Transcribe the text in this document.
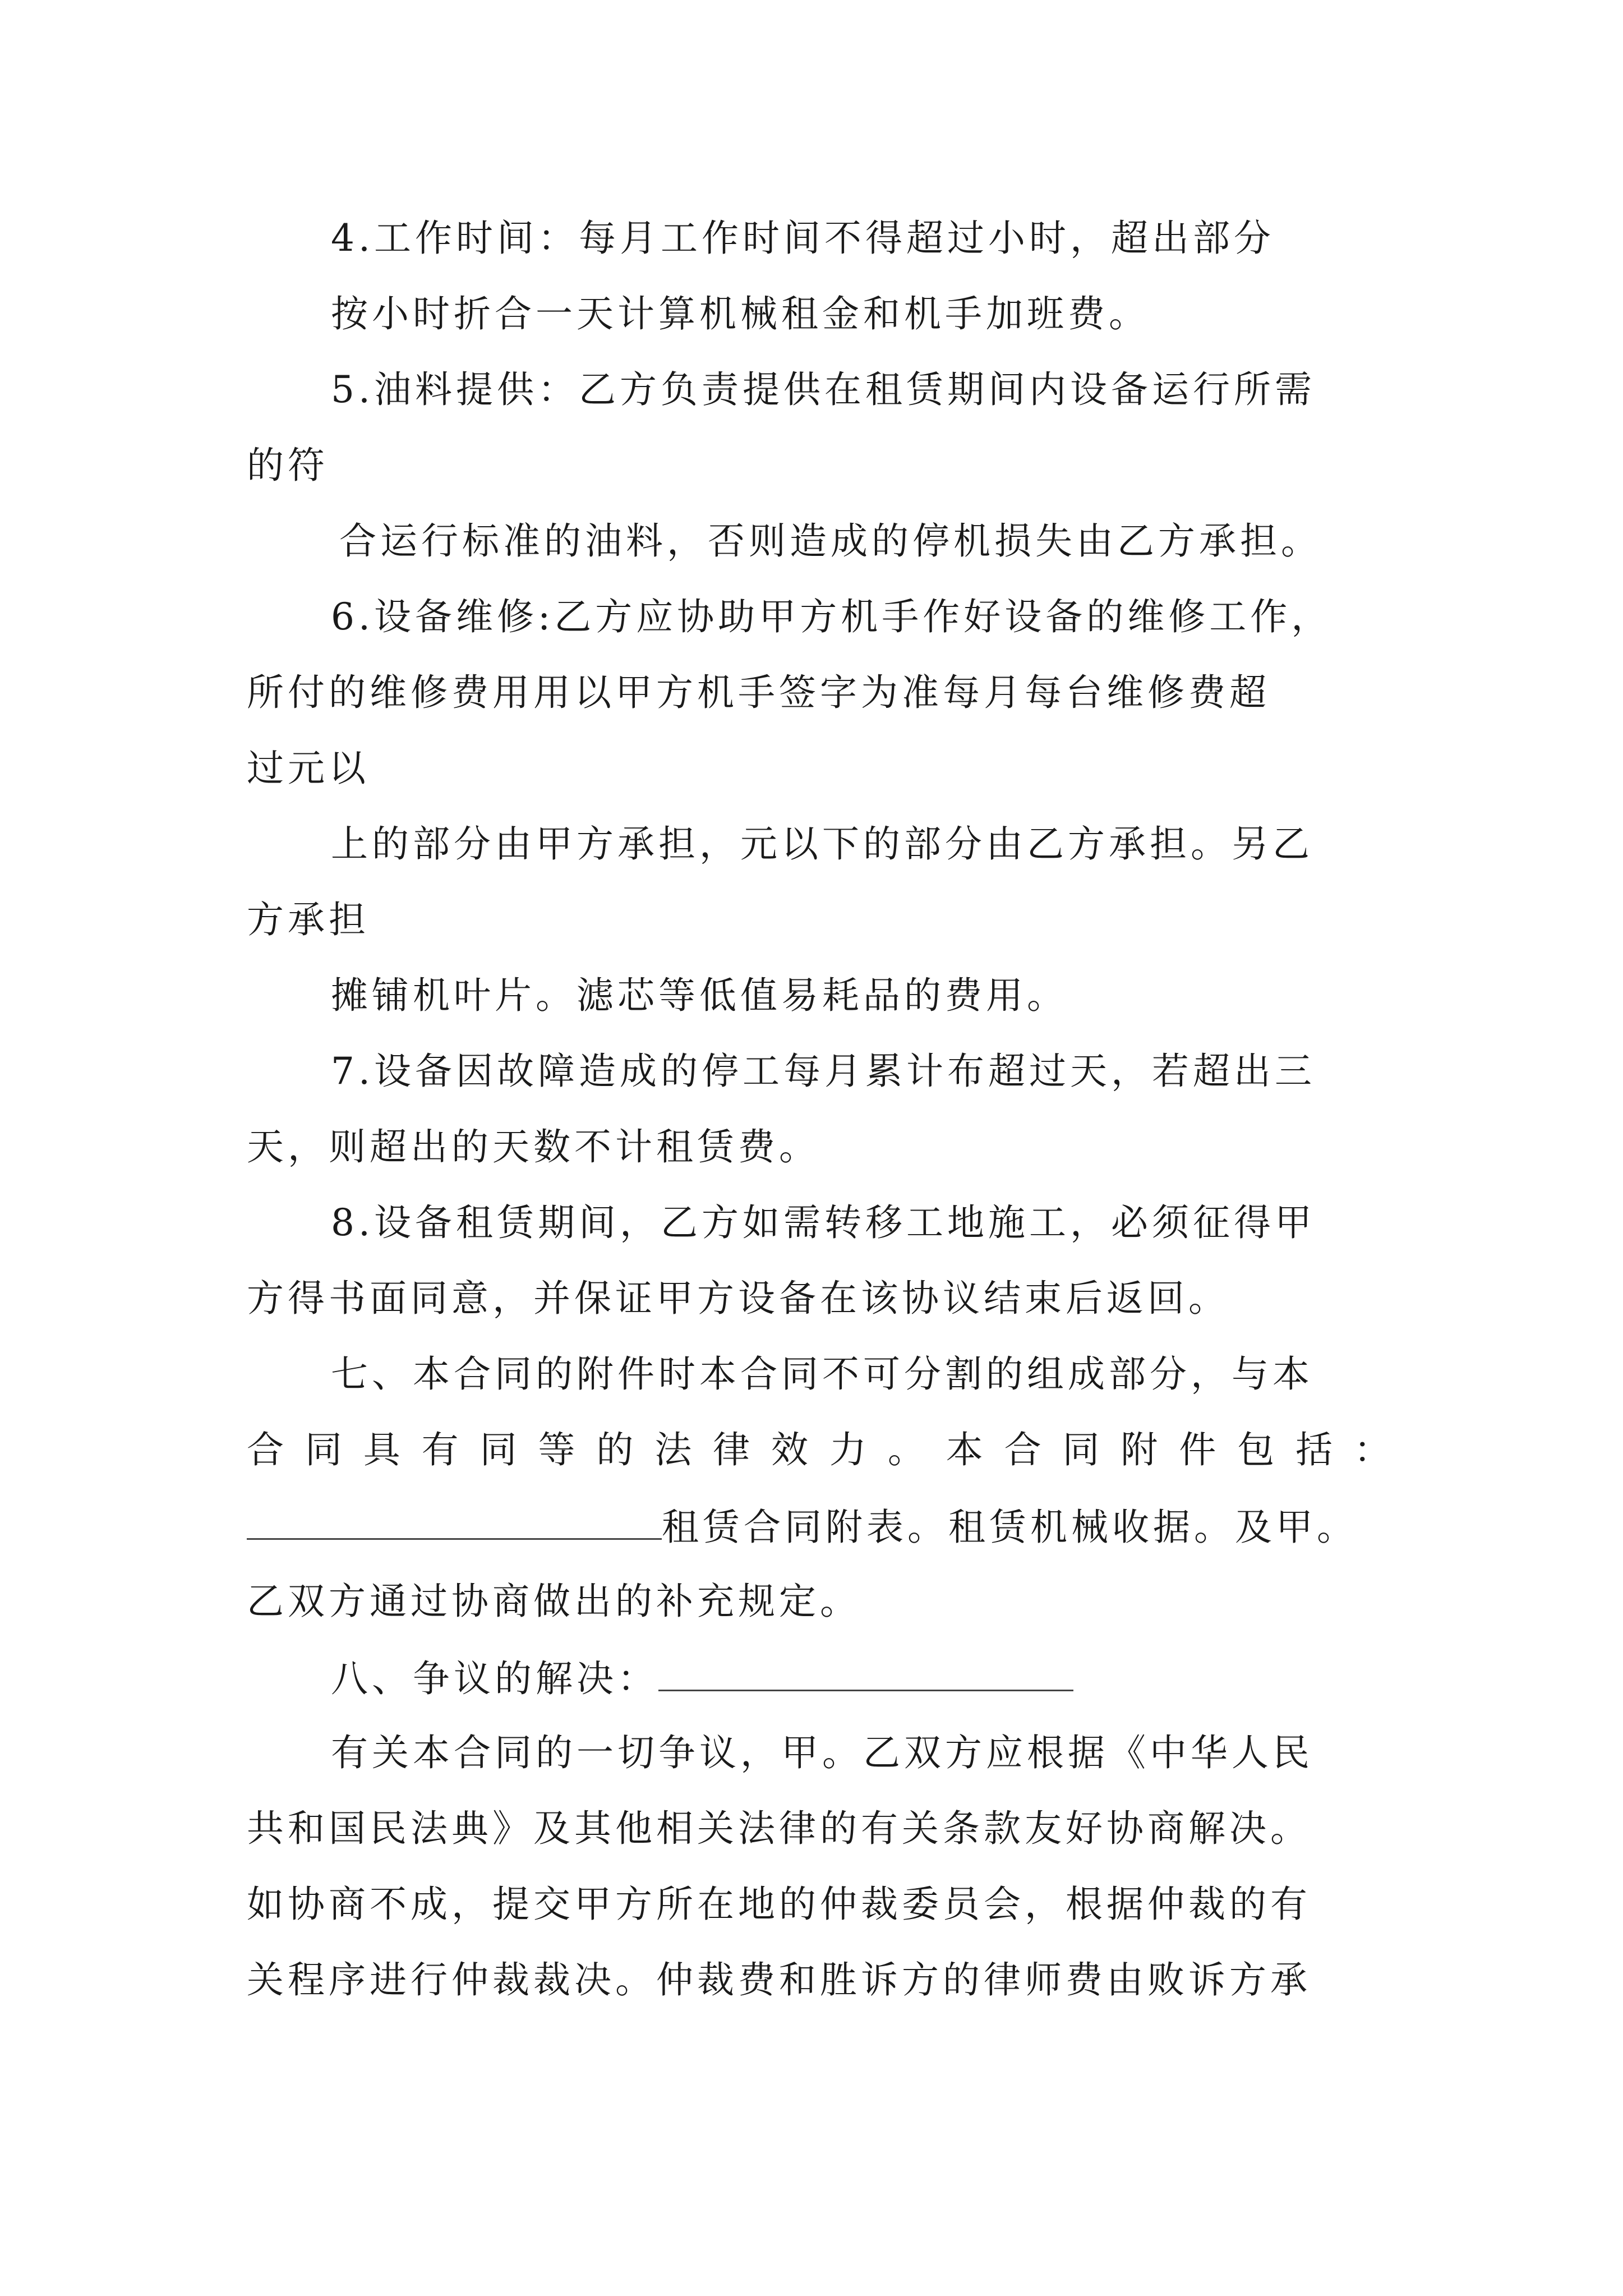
4.工作时间：每月工作时间不得超过小时，超出部分
按小时折合一天计算机械租金和机手加班费。
5.油料提供：乙方负责提供在租赁期间内设备运行所需
的符
合运行标准的油料，否则造成的停机损失由乙方承担。
6.设备维修:乙方应协助甲方机手作好设备的维修工作，
所付的维修费用用以甲方机手签字为准每月每台维修费超
过元以
上的部分由甲方承担，元以下的部分由乙方承担。另乙
方承担
摊铺机叶片。滤芯等低值易耗品的费用。
7.设备因故障造成的停工每月累计布超过天，若超出三
天，则超出的天数不计租赁费。
8.设备租赁期间，乙方如需转移工地施工，必须征得甲
方得书面同意，并保证甲方设备在该协议结束后返回。
七、本合同的附件时本合同不可分割的组成部分，与本
合同具有同等的法律效力。本合同附件包括：
租赁合同附表。租赁机械收据。及甲。
乙双方通过协商做出的补充规定。
八、争议的解决：
有关本合同的一切争议，甲。乙双方应根据《中华人民
共和国民法典》及其他相关法律的有关条款友好协商解决。
如协商不成，提交甲方所在地的仲裁委员会，根据仲裁的有
关程序进行仲裁裁决。仲裁费和胜诉方的律师费由败诉方承
